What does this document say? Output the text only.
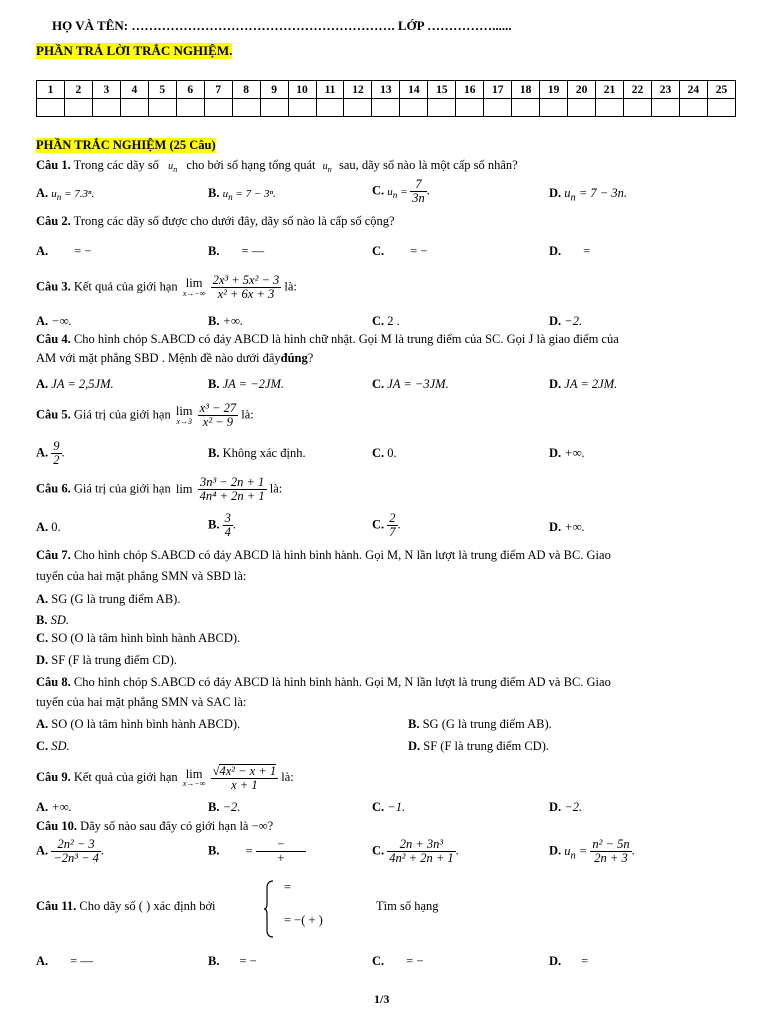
HỌ VÀ TÊN: ……………………………………………………. LỚP ……………......
PHẦN TRẢ LỜI TRẮC NGHIỆM.
1	2	3	4	5	6	7	8	9	10	11	12	13	14	15	16	17	18	19	20	21	22	23	24	25

PHẦN TRẮC NGHIỆM (25 Câu)
Câu 1. Trong các dãy số $u_n$ cho bởi số hạng tổng quát $u_n$ sau, dãy số nào là một cấp số nhân?
A. $u_n = 7.3^n$.	B. $u_n = 7 - 3^n$.	C. $u_n = \frac{7}{3n}$ .	D. $u_n = 7 - 3n$.
Câu 2. Trong các dãy số được cho dưới đây, dãy số nào là cấp số cộng?
A. = −	B. = —	C. = −	D. =
Câu 3. Kết quả của giới hạn lim
x→−∞
$\frac{\text{2x³ + 5x² − 3}}{\text{x² + 6x + 3}}$ là:
A. −∞.	B. +∞.	C. 2 .	D. −2.
Câu 4. Cho hình chóp S.ABCD có đáy ABCD là hình chữ nhật. Gọi M là trung điểm của SC. Gọi J là giao điểm của
AM với mặt phẳng SBD . Mệnh đề nào dưới đâyđúng?
A. JA = 2,5JM.	B. JA = −2JM.	C. JA = −3JM.	D. JA = 2JM.
Câu 5. Giá trị của giới hạn lim
x→3
$\frac{\text{x³ − 27}}{\text{x² − 9}}$ là:
A. $\frac{9}{2}$ .	B. Không xác định.	C. 0.	D. +∞.
Câu 6. Giá trị của giới hạn $\lim \frac{\text{3n³ − 2n + 1}}{\text{4n⁴ + 2n + 1}}$ là:
A. 0.	B. $\frac{3}{4}$ .	C. $\frac{2}{7}$ .	D. +∞.
Câu 7. Cho hình chóp S.ABCD có đáy ABCD là hình bình hành. Gọi M, N lần lượt là trung điểm AD và BC. Giao
tuyến của hai mặt phẳng SMN và SBD là:
A. SG (G là trung điểm AB).
B. SD.
C. SO (O là tâm hình bình hành ABCD).
D. SF (F là trung điểm CD).
Câu 8. Cho hình chóp S.ABCD có đáy ABCD là hình bình hành. Gọi M, N lần lượt là trung điểm AD và BC. Giao
tuyến của hai mặt phẳng SMN và SAC là:
A. SO (O là tâm hình bình hành ABCD).	B. SG (G là trung điểm AB).
C. SD.	D. SF (F là trung điểm CD).
Câu 9. Kết quả của giới hạn lim
x→−∞
$\frac{\text{√4x² − x + 1}}{x + 1}$ là:
A. +∞.	B. −2.	C. −1.	D. −2.
Câu 10. Dãy số nào sau đây có giới hạn là −∞?
A. $\frac{\text{2n² − 3}}{\text{−2n³ − 4}}$ .	B. = $\frac{-}{+}$	C. $\frac{\text{2n + 3n³}}{\text{4n² + 2n + 1}}$ .	D. $u_n = \frac{\text{n² − 5n}}{2n + 3}$ .
Câu 11. Cho dãy số ( ) xác định bởi
=
= −( + )
Tìm số hạng
A. = —	B. = −	C. = −	D. =
1/3
